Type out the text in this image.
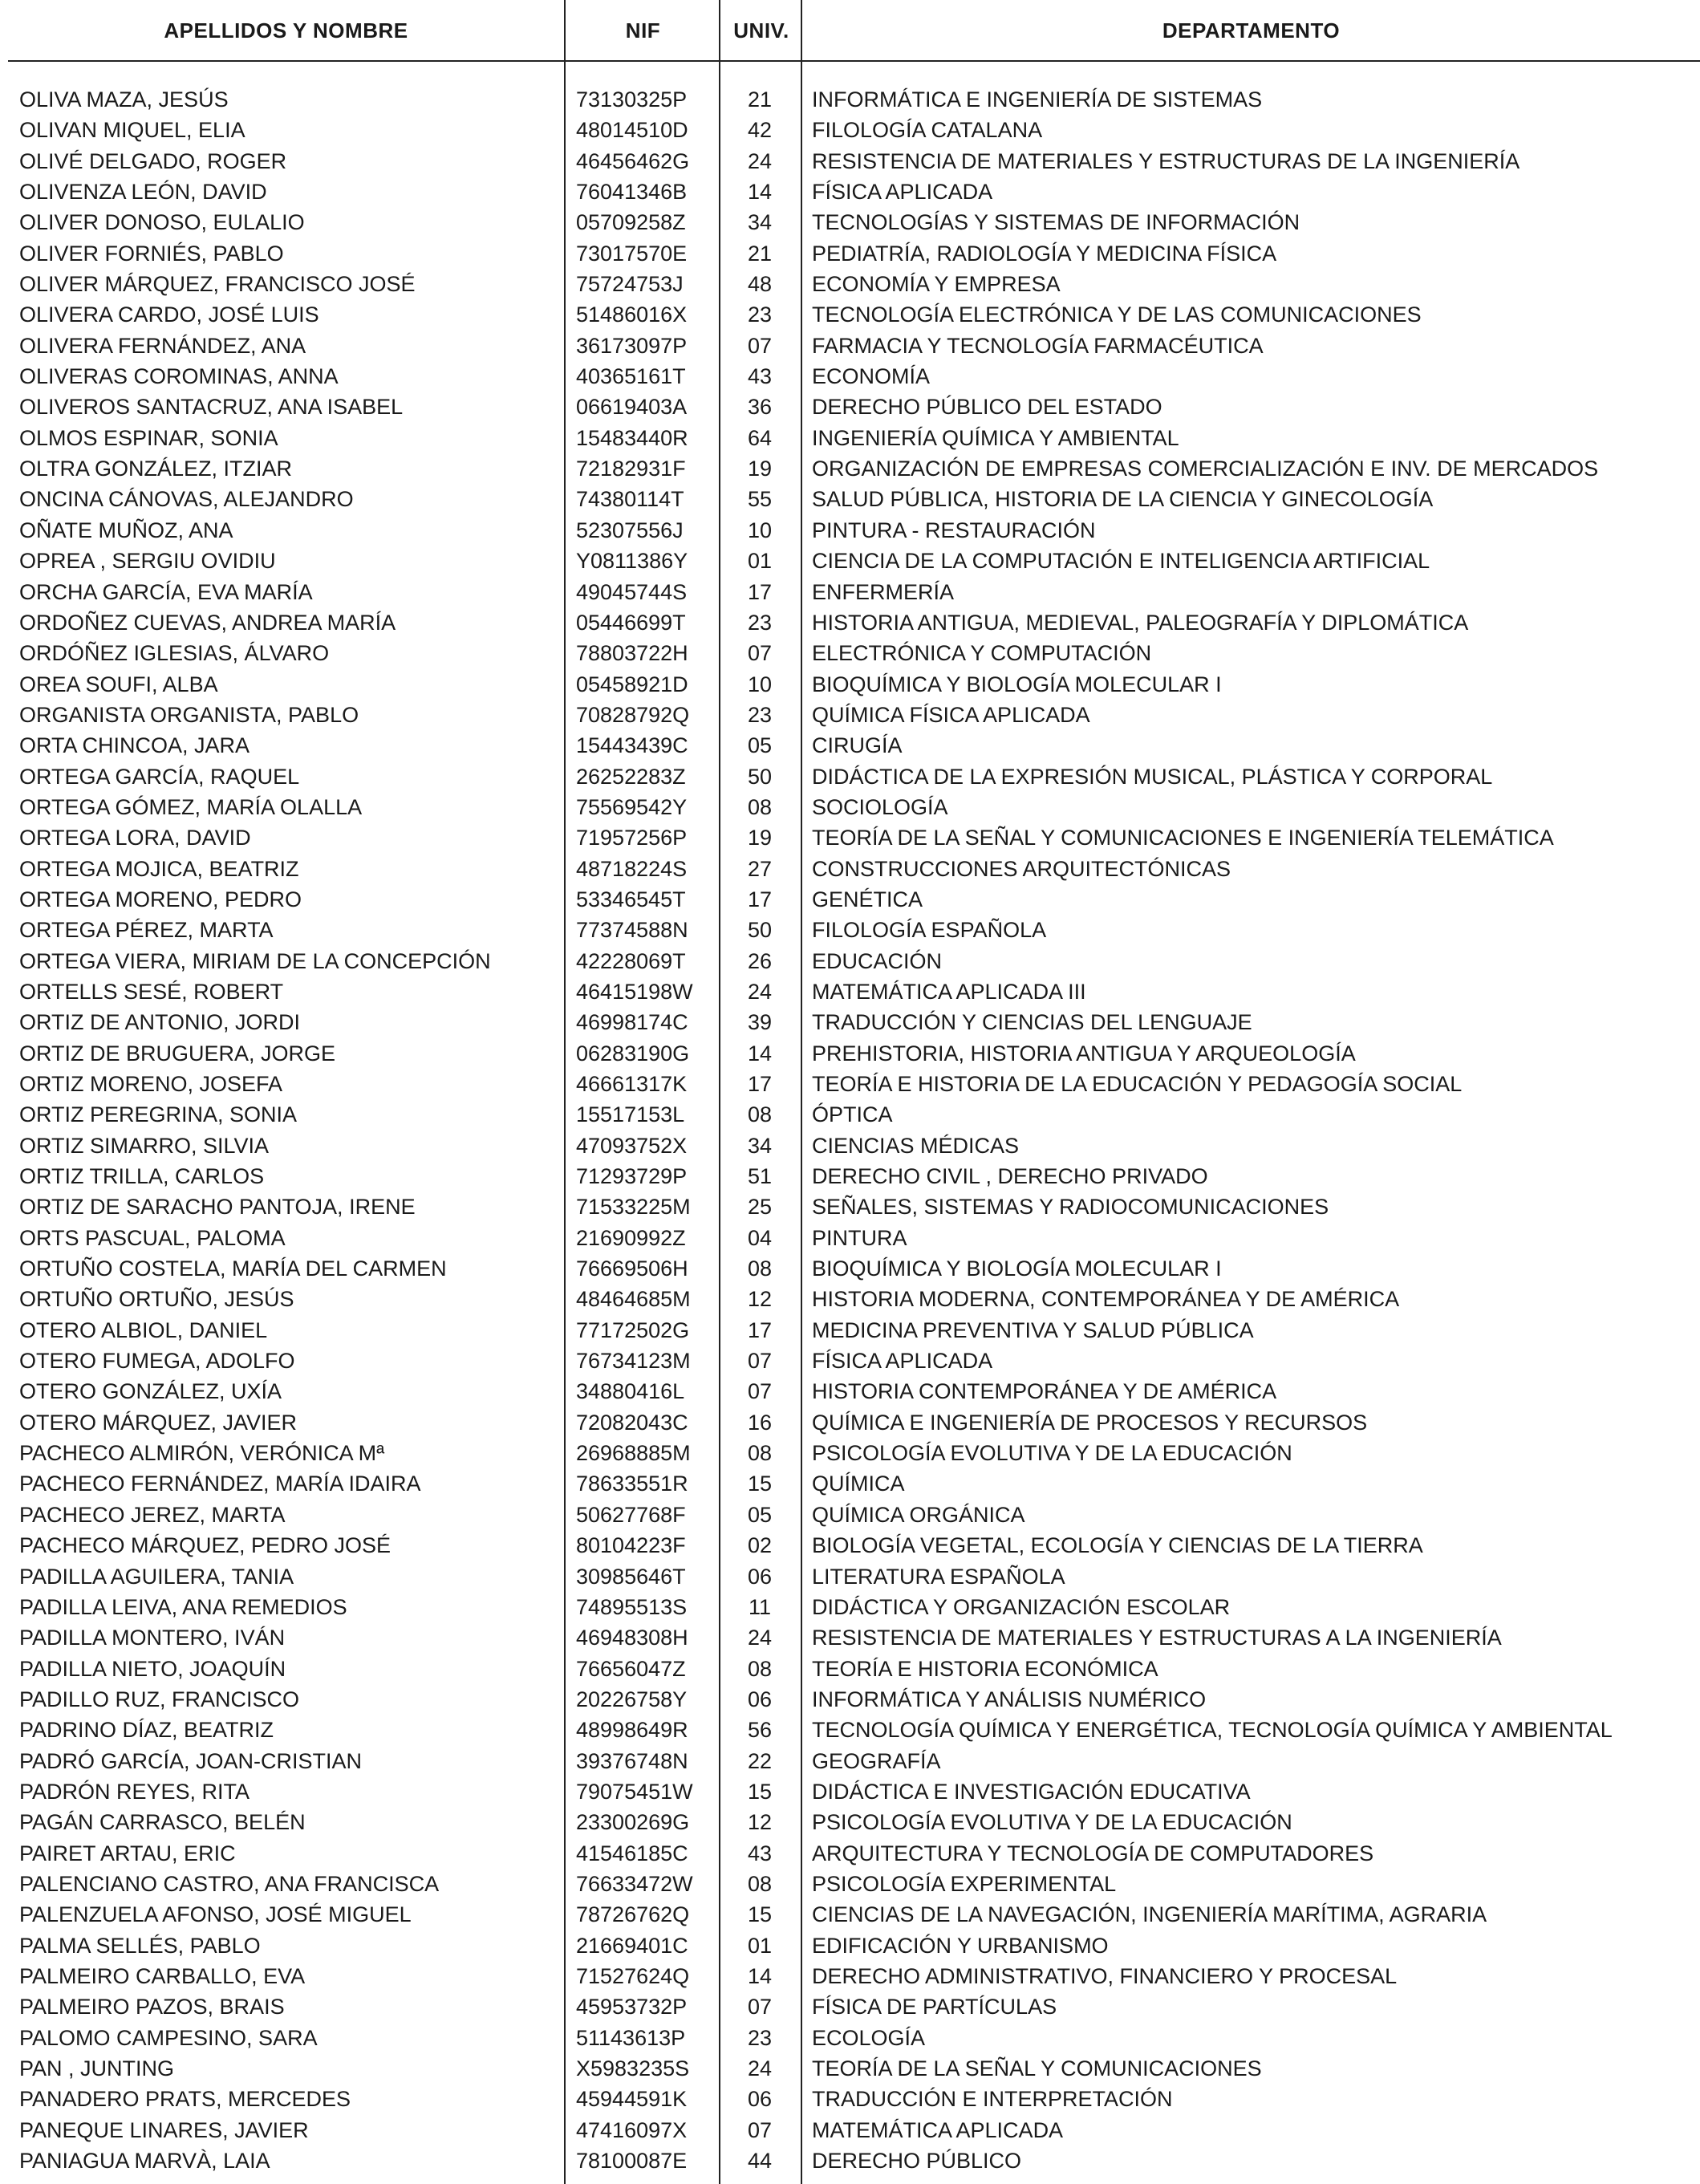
APELLIDOS Y NOMBRE	NIF	UNIV.	DEPARTAMENTO
OLIVA MAZA, JESÚS	73130325P	21	INFORMÁTICA E INGENIERÍA DE SISTEMAS
OLIVAN MIQUEL, ELIA	48014510D	42	FILOLOGÍA CATALANA
OLIVÉ DELGADO, ROGER	46456462G	24	RESISTENCIA DE MATERIALES Y ESTRUCTURAS DE LA INGENIERÍA
OLIVENZA LEÓN, DAVID	76041346B	14	FÍSICA APLICADA
OLIVER DONOSO, EULALIO	05709258Z	34	TECNOLOGÍAS Y SISTEMAS DE INFORMACIÓN
OLIVER FORNIÉS, PABLO	73017570E	21	PEDIATRÍA, RADIOLOGÍA Y MEDICINA FÍSICA
OLIVER MÁRQUEZ, FRANCISCO JOSÉ	75724753J	48	ECONOMÍA Y EMPRESA
OLIVERA CARDO, JOSÉ LUIS	51486016X	23	TECNOLOGÍA ELECTRÓNICA Y DE LAS COMUNICACIONES
OLIVERA FERNÁNDEZ, ANA	36173097P	07	FARMACIA Y TECNOLOGÍA FARMACÉUTICA
OLIVERAS COROMINAS, ANNA	40365161T	43	ECONOMÍA
OLIVEROS SANTACRUZ, ANA ISABEL	06619403A	36	DERECHO PÚBLICO DEL ESTADO
OLMOS ESPINAR, SONIA	15483440R	64	INGENIERÍA QUÍMICA Y AMBIENTAL
OLTRA GONZÁLEZ, ITZIAR	72182931F	19	ORGANIZACIÓN DE EMPRESAS COMERCIALIZACIÓN E INV. DE MERCADOS
ONCINA CÁNOVAS, ALEJANDRO	74380114T	55	SALUD PÚBLICA, HISTORIA DE LA CIENCIA Y GINECOLOGÍA
OÑATE MUÑOZ, ANA	52307556J	10	PINTURA - RESTAURACIÓN
OPREA , SERGIU OVIDIU	Y0811386Y	01	CIENCIA DE LA COMPUTACIÓN E INTELIGENCIA ARTIFICIAL
ORCHA GARCÍA, EVA MARÍA	49045744S	17	ENFERMERÍA
ORDOÑEZ CUEVAS, ANDREA MARÍA	05446699T	23	HISTORIA ANTIGUA, MEDIEVAL, PALEOGRAFÍA Y DIPLOMÁTICA
ORDÓÑEZ IGLESIAS, ÁLVARO	78803722H	07	ELECTRÓNICA Y COMPUTACIÓN
OREA SOUFI, ALBA	05458921D	10	BIOQUÍMICA Y BIOLOGÍA MOLECULAR I
ORGANISTA ORGANISTA, PABLO	70828792Q	23	QUÍMICA FÍSICA APLICADA
ORTA CHINCOA, JARA	15443439C	05	CIRUGÍA
ORTEGA GARCÍA, RAQUEL	26252283Z	50	DIDÁCTICA DE LA EXPRESIÓN MUSICAL, PLÁSTICA Y CORPORAL
ORTEGA GÓMEZ, MARÍA OLALLA	75569542Y	08	SOCIOLOGÍA
ORTEGA LORA, DAVID	71957256P	19	TEORÍA DE LA SEÑAL Y COMUNICACIONES E INGENIERÍA TELEMÁTICA
ORTEGA MOJICA, BEATRIZ	48718224S	27	CONSTRUCCIONES ARQUITECTÓNICAS
ORTEGA MORENO, PEDRO	53346545T	17	GENÉTICA
ORTEGA PÉREZ, MARTA	77374588N	50	FILOLOGÍA ESPAÑOLA
ORTEGA VIERA, MIRIAM DE LA CONCEPCIÓN	42228069T	26	EDUCACIÓN
ORTELLS SESÉ, ROBERT	46415198W	24	MATEMÁTICA APLICADA III
ORTIZ DE ANTONIO, JORDI	46998174C	39	TRADUCCIÓN Y CIENCIAS DEL LENGUAJE
ORTIZ DE BRUGUERA, JORGE	06283190G	14	PREHISTORIA, HISTORIA ANTIGUA Y ARQUEOLOGÍA
ORTIZ MORENO, JOSEFA	46661317K	17	TEORÍA E HISTORIA DE LA EDUCACIÓN Y PEDAGOGÍA SOCIAL
ORTIZ PEREGRINA, SONIA	15517153L	08	ÓPTICA
ORTIZ SIMARRO, SILVIA	47093752X	34	CIENCIAS MÉDICAS
ORTIZ TRILLA, CARLOS	71293729P	51	DERECHO CIVIL , DERECHO PRIVADO
ORTIZ DE SARACHO PANTOJA, IRENE	71533225M	25	SEÑALES, SISTEMAS Y RADIOCOMUNICACIONES
ORTS PASCUAL, PALOMA	21690992Z	04	PINTURA
ORTUÑO COSTELA, MARÍA DEL CARMEN	76669506H	08	BIOQUÍMICA Y BIOLOGÍA MOLECULAR I
ORTUÑO ORTUÑO, JESÚS	48464685M	12	HISTORIA MODERNA, CONTEMPORÁNEA Y DE AMÉRICA
OTERO ALBIOL, DANIEL	77172502G	17	MEDICINA PREVENTIVA Y SALUD PÚBLICA
OTERO FUMEGA, ADOLFO	76734123M	07	FÍSICA APLICADA
OTERO GONZÁLEZ, UXÍA	34880416L	07	HISTORIA CONTEMPORÁNEA Y DE AMÉRICA
OTERO MÁRQUEZ, JAVIER	72082043C	16	QUÍMICA E INGENIERÍA DE PROCESOS Y RECURSOS
PACHECO ALMIRÓN, VERÓNICA Mª	26968885M	08	PSICOLOGÍA EVOLUTIVA Y DE LA EDUCACIÓN
PACHECO FERNÁNDEZ, MARÍA IDAIRA	78633551R	15	QUÍMICA
PACHECO JEREZ, MARTA	50627768F	05	QUÍMICA ORGÁNICA
PACHECO MÁRQUEZ, PEDRO JOSÉ	80104223F	02	BIOLOGÍA VEGETAL, ECOLOGÍA Y CIENCIAS DE LA TIERRA
PADILLA AGUILERA, TANIA	30985646T	06	LITERATURA ESPAÑOLA
PADILLA LEIVA, ANA REMEDIOS	74895513S	11	DIDÁCTICA Y ORGANIZACIÓN ESCOLAR
PADILLA MONTERO, IVÁN	46948308H	24	RESISTENCIA DE MATERIALES Y ESTRUCTURAS A LA INGENIERÍA
PADILLA NIETO, JOAQUÍN	76656047Z	08	TEORÍA E HISTORIA ECONÓMICA
PADILLO RUZ, FRANCISCO	20226758Y	06	INFORMÁTICA Y ANÁLISIS NUMÉRICO
PADRINO DÍAZ, BEATRIZ	48998649R	56	TECNOLOGÍA QUÍMICA Y ENERGÉTICA, TECNOLOGÍA QUÍMICA Y AMBIENTAL
PADRÓ GARCÍA, JOAN-CRISTIAN	39376748N	22	GEOGRAFÍA
PADRÓN REYES, RITA	79075451W	15	DIDÁCTICA E INVESTIGACIÓN EDUCATIVA
PAGÁN CARRASCO, BELÉN	23300269G	12	PSICOLOGÍA EVOLUTIVA Y DE LA EDUCACIÓN
PAIRET ARTAU, ERIC	41546185C	43	ARQUITECTURA Y TECNOLOGÍA DE COMPUTADORES
PALENCIANO CASTRO, ANA FRANCISCA	76633472W	08	PSICOLOGÍA EXPERIMENTAL
PALENZUELA AFONSO, JOSÉ MIGUEL	78726762Q	15	CIENCIAS DE LA NAVEGACIÓN, INGENIERÍA MARÍTIMA, AGRARIA
PALMA SELLÉS, PABLO	21669401C	01	EDIFICACIÓN Y URBANISMO
PALMEIRO CARBALLO, EVA	71527624Q	14	DERECHO ADMINISTRATIVO, FINANCIERO Y PROCESAL
PALMEIRO PAZOS, BRAIS	45953732P	07	FÍSICA DE PARTÍCULAS
PALOMO CAMPESINO, SARA	51143613P	23	ECOLOGÍA
PAN , JUNTING	X5983235S	24	TEORÍA DE LA SEÑAL Y COMUNICACIONES
PANADERO PRATS, MERCEDES	45944591K	06	TRADUCCIÓN E INTERPRETACIÓN
PANEQUE LINARES, JAVIER	47416097X	07	MATEMÁTICA APLICADA
PANIAGUA MARVÀ, LAIA	78100087E	44	DERECHO PÚBLICO
